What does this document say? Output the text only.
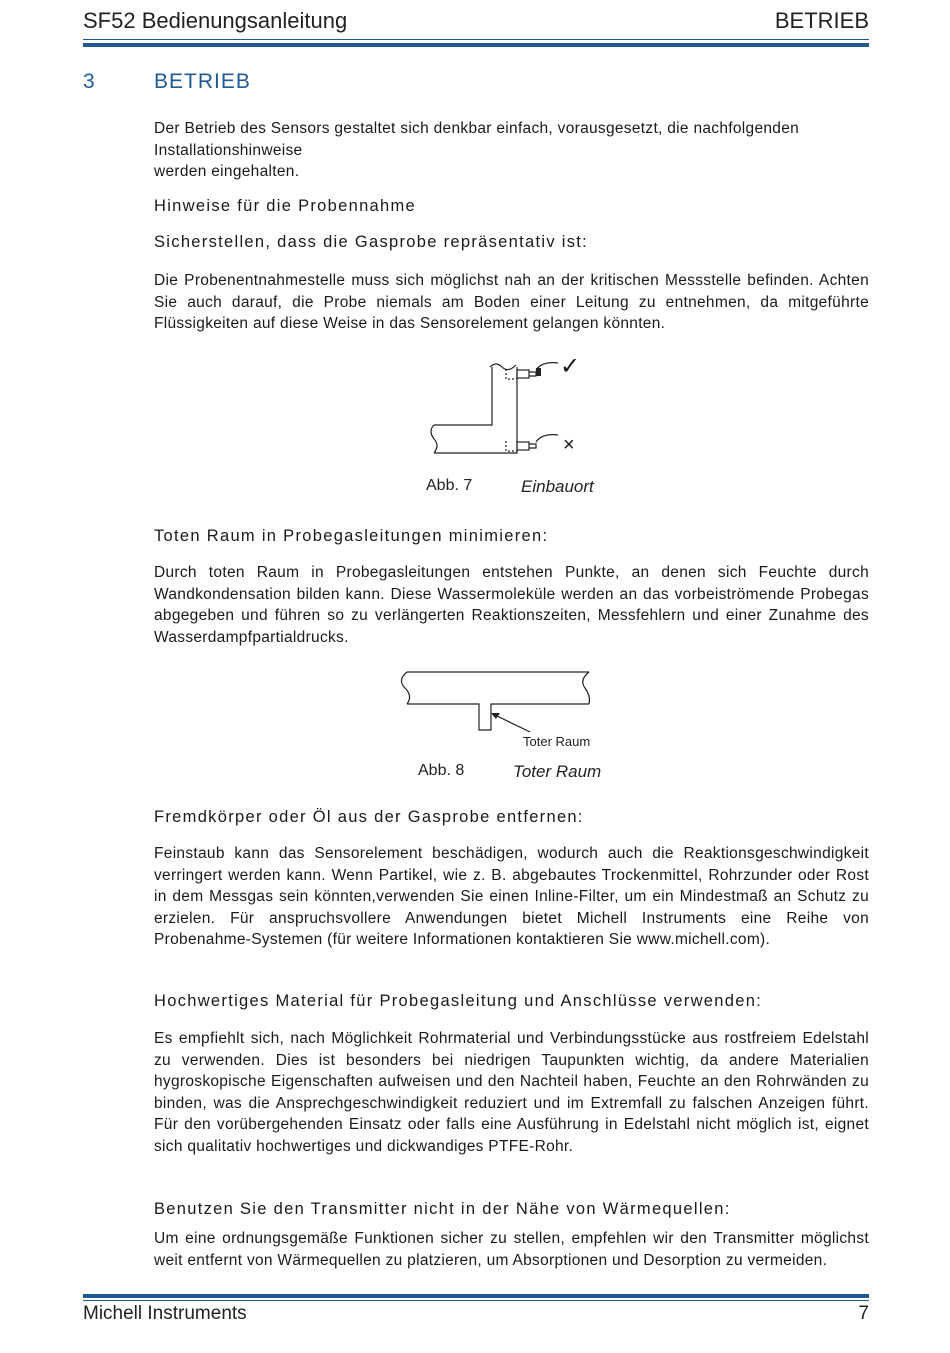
SF52 Bedienungsanleitung	BETRIEB
3	BETRIEB
Der Betrieb des Sensors gestaltet sich denkbar einfach, vorausgesetzt, die nachfolgenden
Installationshinweise
werden eingehalten.
Hinweise für die Probennahme
Sicherstellen, dass die Gasprobe repräsentativ ist:
Die Probenentnahmestelle muss sich möglichst nah an der kritischen Messstelle befinden. Achten Sie auch darauf, die Probe niemals am Boden einer Leitung zu entnehmen, da mitgeführte Flüssigkeiten auf diese Weise in das Sensorelement gelangen könnten.
✓
×
Abb. 7	Einbauort
Toten Raum in Probegasleitungen minimieren:
Durch toten Raum in Probegasleitungen entstehen Punkte, an denen sich Feuchte durch Wandkondensation bilden kann. Diese Wassermoleküle werden an das vorbeiströmende Probegas abgegeben und führen so zu verlängerten Reaktionszeiten, Messfehlern und einer Zunahme des Wasserdampfpartialdrucks.
Toter Raum
Abb. 8	Toter Raum
Fremdkörper oder Öl aus der Gasprobe entfernen:
Feinstaub kann das Sensorelement beschädigen, wodurch auch die Reaktionsgeschwindigkeit verringert werden kann. Wenn Partikel, wie z. B. abgebautes Trockenmittel, Rohrzunder oder Rost in dem Messgas sein könnten,verwenden Sie einen Inline-Filter, um ein Mindestmaß an Schutz zu erzielen. Für anspruchsvollere Anwendungen bietet Michell Instruments eine Reihe von Probenahme-Systemen (für weitere Informationen kontaktieren Sie www.michell.com).
Hochwertiges Material für Probegasleitung und Anschlüsse verwenden:
Es empfiehlt sich, nach Möglichkeit Rohrmaterial und Verbindungsstücke aus rostfreiem Edelstahl zu verwenden. Dies ist besonders bei niedrigen Taupunkten wichtig, da andere Materialien hygroskopische Eigenschaften aufweisen und den Nachteil haben, Feuchte an den Rohrwänden zu binden, was die Ansprechgeschwindigkeit reduziert und im Extremfall zu falschen Anzeigen führt. Für den vorübergehenden Einsatz oder falls eine Ausführung in Edelstahl nicht möglich ist, eignet sich qualitativ hochwertiges und dickwandiges PTFE-Rohr.
Benutzen Sie den Transmitter nicht in der Nähe von Wärmequellen:
Um eine ordnungsgemäße Funktionen sicher zu stellen, empfehlen wir den Transmitter möglichst weit entfernt von Wärmequellen zu platzieren, um Absorptionen und Desorption zu vermeiden.
Michell Instruments	7
